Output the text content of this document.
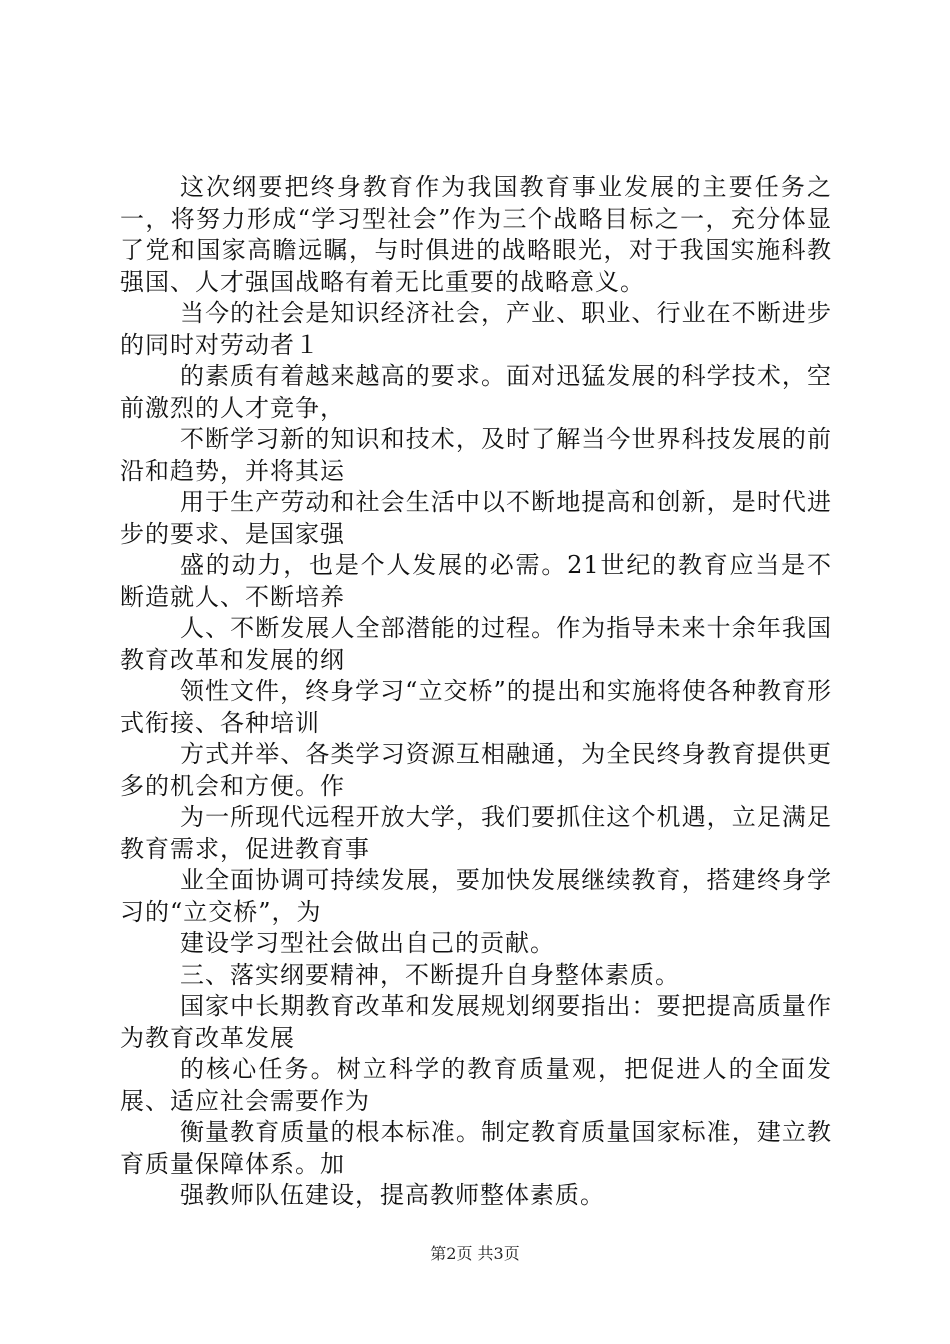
这次纲要把终身教育作为我国教育事业发展的主要任务之一，将努力形成“学习型社会”作为三个战略目标之一，充分体显了党和国家高瞻远瞩，与时俱进的战略眼光，对于我国实施科教强国、人才强国战略有着无比重要的战略意义。

当今的社会是知识经济社会，产业、职业、行业在不断进步的同时对劳动者１

的素质有着越来越高的要求。面对迅猛发展的科学技术，空前激烈的人才竞争，

不断学习新的知识和技术，及时了解当今世界科技发展的前沿和趋势，并将其运

用于生产劳动和社会生活中以不断地提高和创新，是时代进步的要求、是国家强

盛的动力，也是个人发展的必需。21世纪的教育应当是不断造就人、不断培养

人、不断发展人全部潜能的过程。作为指导未来十余年我国教育改革和发展的纲

领性文件，终身学习“立交桥”的提出和实施将使各种教育形式衔接、各种培训

方式并举、各类学习资源互相融通，为全民终身教育提供更多的机会和方便。作

为一所现代远程开放大学，我们要抓住这个机遇，立足满足教育需求，促进教育事

业全面协调可持续发展，要加快发展继续教育，搭建终身学习的“立交桥”，为

建设学习型社会做出自己的贡献。

三、落实纲要精神，不断提升自身整体素质。

国家中长期教育改革和发展规划纲要指出：要把提高质量作为教育改革发展

的核心任务。树立科学的教育质量观，把促进人的全面发展、适应社会需要作为

衡量教育质量的根本标准。制定教育质量国家标准，建立教育质量保障体系。加

强教师队伍建设，提高教师整体素质。

第2页 共3页
